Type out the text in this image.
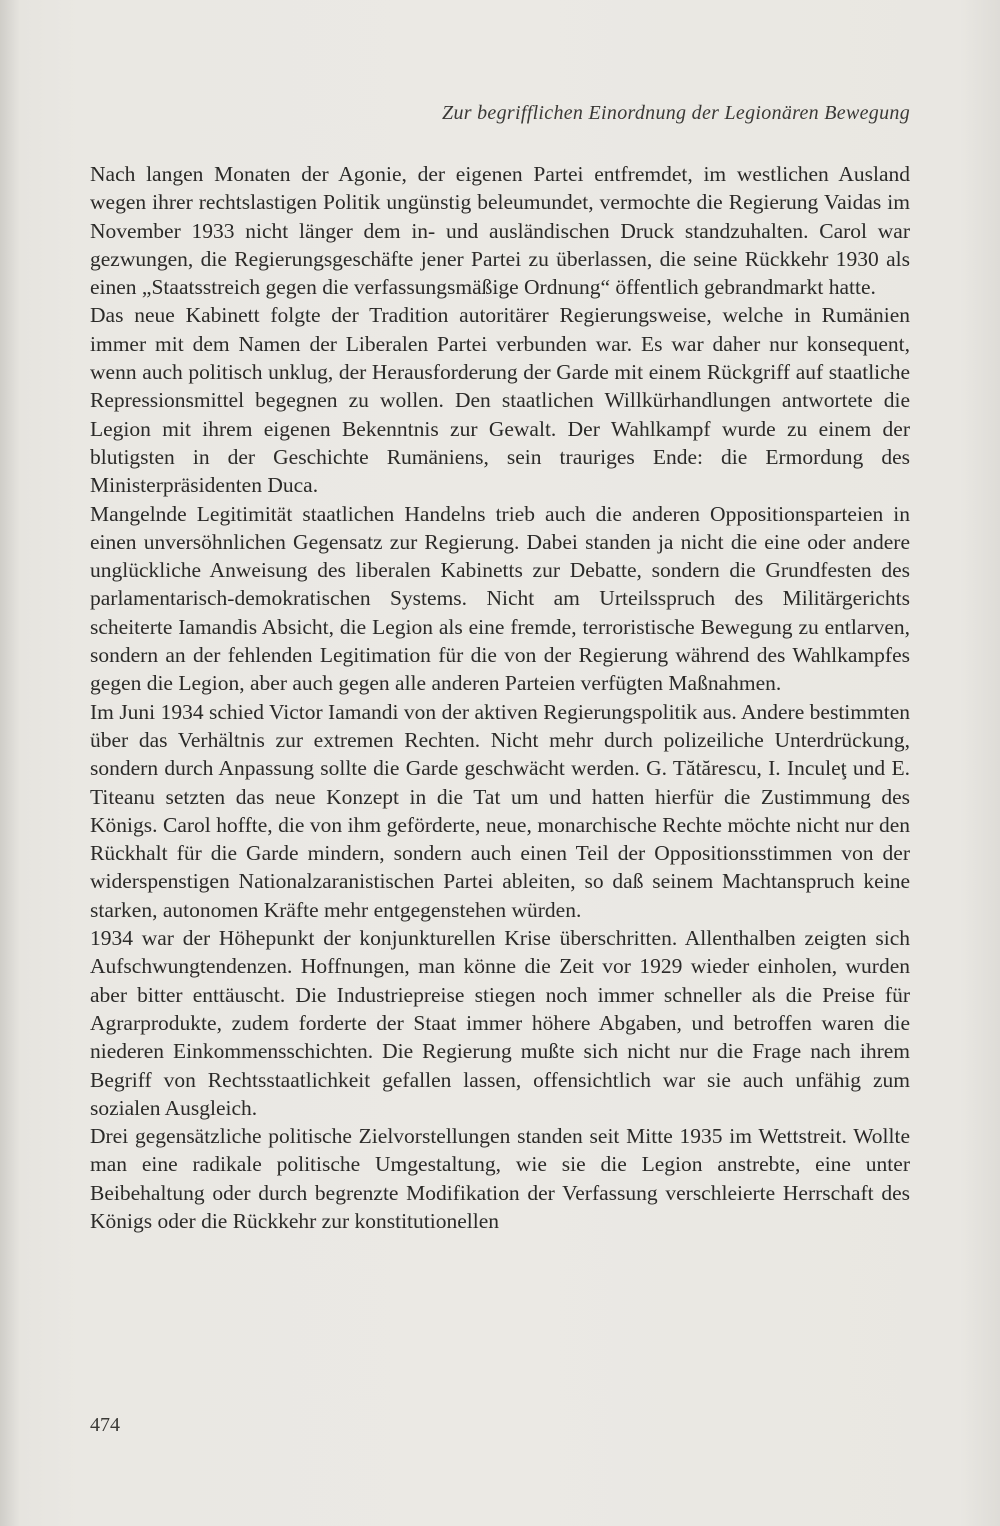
Zur begrifflichen Einordnung der Legionären Bewegung

Nach langen Monaten der Agonie, der eigenen Partei entfremdet, im westlichen Ausland wegen ihrer rechtslastigen Politik ungünstig beleumundet, vermochte die Regierung Vaidas im November 1933 nicht länger dem in- und ausländischen Druck standzuhalten. Carol war gezwungen, die Regierungsgeschäfte jener Partei zu überlassen, die seine Rückkehr 1930 als einen „Staatsstreich gegen die verfassungsmäßige Ordnung“ öffentlich gebrandmarkt hatte.

Das neue Kabinett folgte der Tradition autoritärer Regierungsweise, welche in Rumänien immer mit dem Namen der Liberalen Partei verbunden war. Es war daher nur konsequent, wenn auch politisch unklug, der Herausforderung der Garde mit einem Rückgriff auf staatliche Repressionsmittel begegnen zu wollen. Den staatlichen Willkürhandlungen antwortete die Legion mit ihrem eigenen Bekenntnis zur Gewalt. Der Wahlkampf wurde zu einem der blutigsten in der Geschichte Rumäniens, sein trauriges Ende: die Ermordung des Ministerpräsidenten Duca.

Mangelnde Legitimität staatlichen Handelns trieb auch die anderen Oppositionsparteien in einen unversöhnlichen Gegensatz zur Regierung. Dabei standen ja nicht die eine oder andere unglückliche Anweisung des liberalen Kabinetts zur Debatte, sondern die Grundfesten des parlamentarisch-demokratischen Systems. Nicht am Urteilsspruch des Militärgerichts scheiterte Iamandis Absicht, die Legion als eine fremde, terroristische Bewegung zu entlarven, sondern an der fehlenden Legitimation für die von der Regierung während des Wahlkampfes gegen die Legion, aber auch gegen alle anderen Parteien verfügten Maßnahmen.

Im Juni 1934 schied Victor Iamandi von der aktiven Regierungspolitik aus. Andere bestimmten über das Verhältnis zur extremen Rechten. Nicht mehr durch polizeiliche Unterdrückung, sondern durch Anpassung sollte die Garde geschwächt werden. G. Tătărescu, I. Inculeţ und E. Titeanu setzten das neue Konzept in die Tat um und hatten hierfür die Zustimmung des Königs. Carol hoffte, die von ihm geförderte, neue, monarchische Rechte möchte nicht nur den Rückhalt für die Garde mindern, sondern auch einen Teil der Oppositionsstimmen von der widerspenstigen Nationalzaranistischen Partei ableiten, so daß seinem Machtanspruch keine starken, autonomen Kräfte mehr entgegenstehen würden.

1934 war der Höhepunkt der konjunkturellen Krise überschritten. Allenthalben zeigten sich Aufschwungtendenzen. Hoffnungen, man könne die Zeit vor 1929 wieder einholen, wurden aber bitter enttäuscht. Die Industriepreise stiegen noch immer schneller als die Preise für Agrarprodukte, zudem forderte der Staat immer höhere Abgaben, und betroffen waren die niederen Einkommensschichten. Die Regierung mußte sich nicht nur die Frage nach ihrem Begriff von Rechtsstaatlichkeit gefallen lassen, offensichtlich war sie auch unfähig zum sozialen Ausgleich.

Drei gegensätzliche politische Zielvorstellungen standen seit Mitte 1935 im Wettstreit. Wollte man eine radikale politische Umgestaltung, wie sie die Legion anstrebte, eine unter Beibehaltung oder durch begrenzte Modifikation der Verfassung verschleierte Herrschaft des Königs oder die Rückkehr zur konstitutionellen

474
